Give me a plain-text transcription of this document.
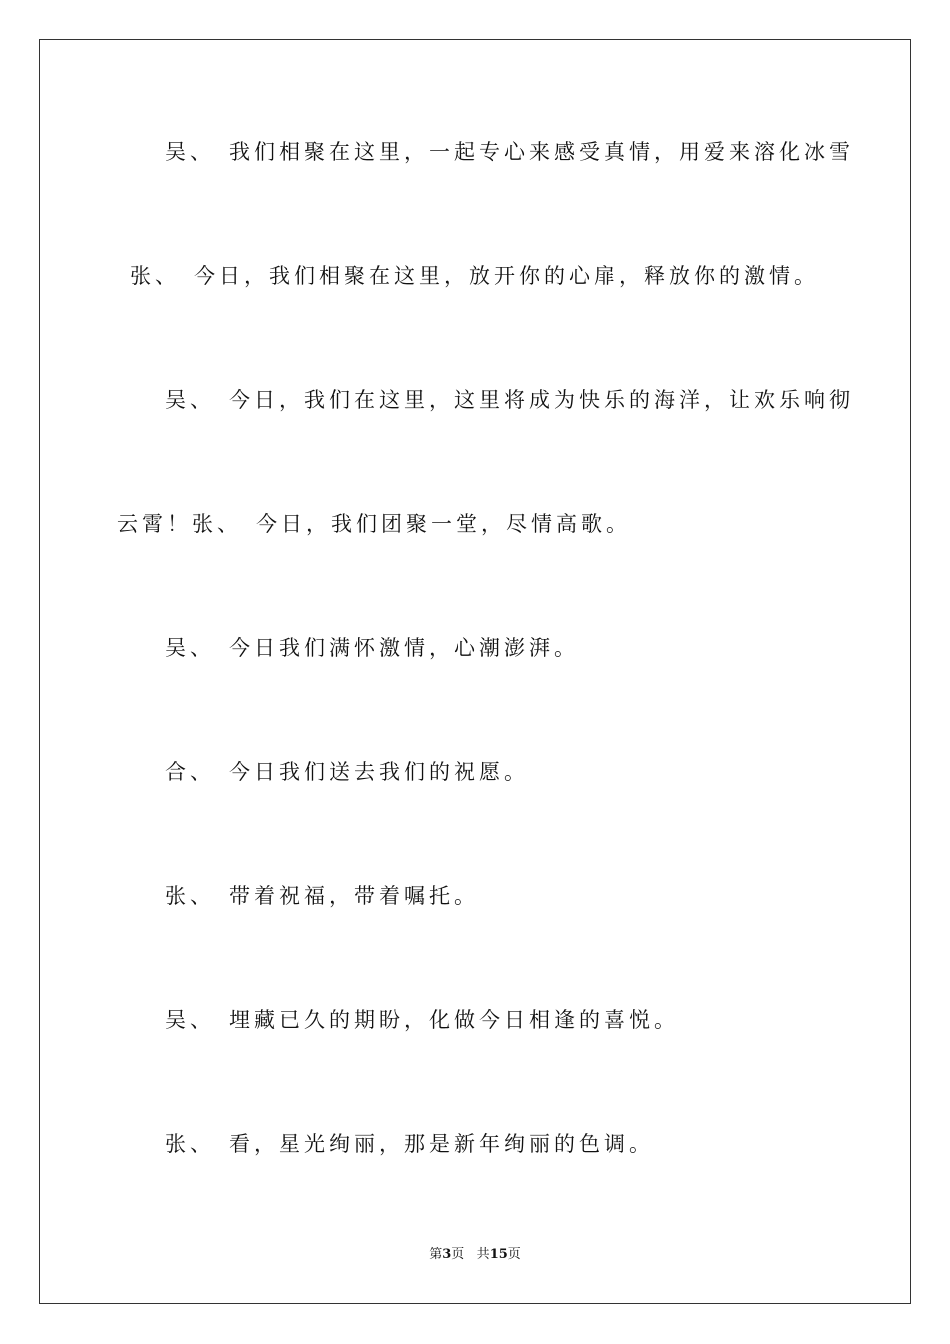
吴、 我们相聚在这里，一起专心来感受真情，用爱来溶化冰雪
张、 今日，我们相聚在这里，放开你的心扉，释放你的激情。
吴、 今日，我们在这里，这里将成为快乐的海洋，让欢乐响彻
云霄！张、 今日，我们团聚一堂，尽情高歌。
吴、 今日我们满怀激情，心潮澎湃。
合、 今日我们送去我们的祝愿。
张、 带着祝福，带着嘱托。
吴、 埋藏已久的期盼，化做今日相逢的喜悦。
张、 看，星光绚丽，那是新年绚丽的色调。
第3页 共15页
